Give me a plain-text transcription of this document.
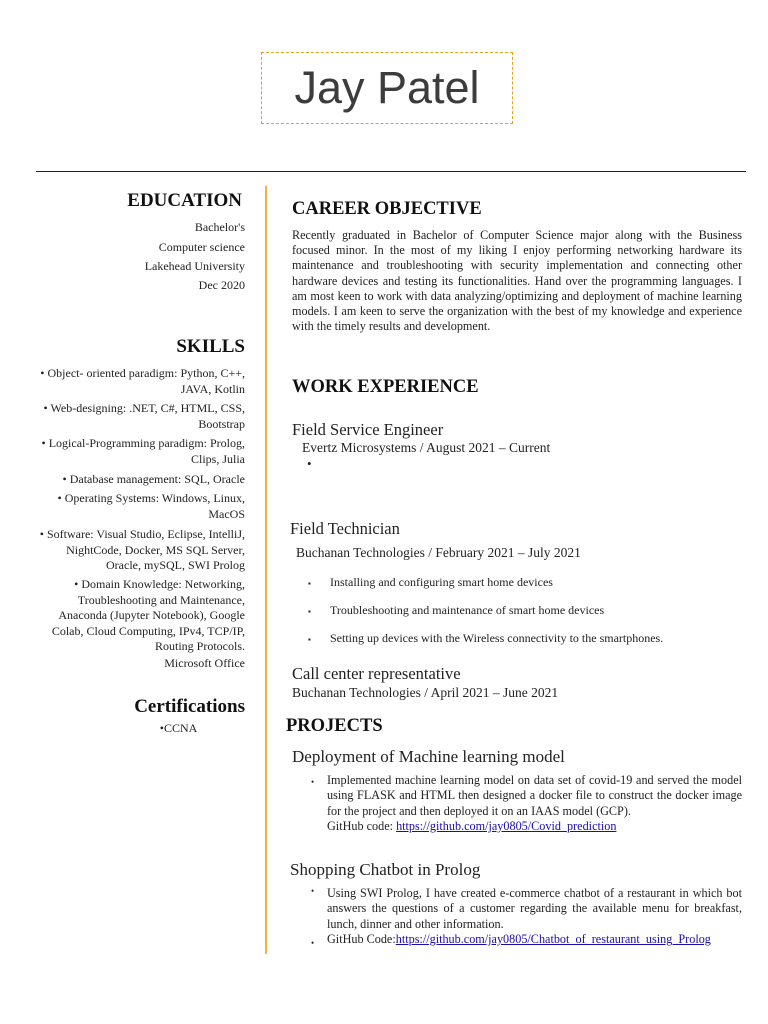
Jay Patel
EDUCATION
Bachelor's
Computer science
Lakehead University
Dec 2020
SKILLS
• Object- oriented paradigm: Python, C++, JAVA, Kotlin
• Web-designing: .NET, C#, HTML, CSS, Bootstrap
• Logical-Programming paradigm: Prolog, Clips, Julia
• Database management: SQL, Oracle
• Operating Systems: Windows, Linux, MacOS
• Software: Visual Studio, Eclipse, IntelliJ, NightCode, Docker, MS SQL Server, Oracle, mySQL, SWI Prolog
• Domain Knowledge: Networking, Troubleshooting and Maintenance, Anaconda (Jupyter Notebook), Google Colab, Cloud Computing, IPv4, TCP/IP, Routing Protocols.
Microsoft Office
Certifications
•CCNA
CAREER OBJECTIVE
Recently graduated in Bachelor of Computer Science major along with the Business focused minor. In the most of my liking I enjoy performing networking hardware its maintenance and troubleshooting with security implementation and connecting other hardware devices and testing its functionalities. Hand over the programming languages. I am most keen to work with data analyzing/optimizing and deployment of machine learning models. I am keen to serve the organization with the best of my knowledge and experience with the timely results and development.
WORK EXPERIENCE
Field Service Engineer
Evertz Microsystems / August 2021 – Current
•
Field Technician
Buchanan Technologies / February 2021 – July 2021
▪ Installing and configuring smart home devices
▪ Troubleshooting and maintenance of smart home devices
▪ Setting up devices with the Wireless connectivity to the smartphones.
Call center representative
Buchanan Technologies / April 2021 – June 2021
PROJECTS
Deployment of Machine learning model
• Implemented machine learning model on data set of covid-19 and served the model using FLASK and HTML then designed a docker file to construct the docker image for the project and then deployed it on an IAAS model (GCP).
GitHub code: https://github.com/jay0805/Covid_prediction
Shopping Chatbot in Prolog
• Using SWI Prolog, I have created e-commerce chatbot of a restaurant in which bot answers the questions of a customer regarding the available menu for breakfast, lunch, dinner and other information.
GitHub Code:https://github.com/jay0805/Chatbot_of_restaurant_using_Prolog
•
